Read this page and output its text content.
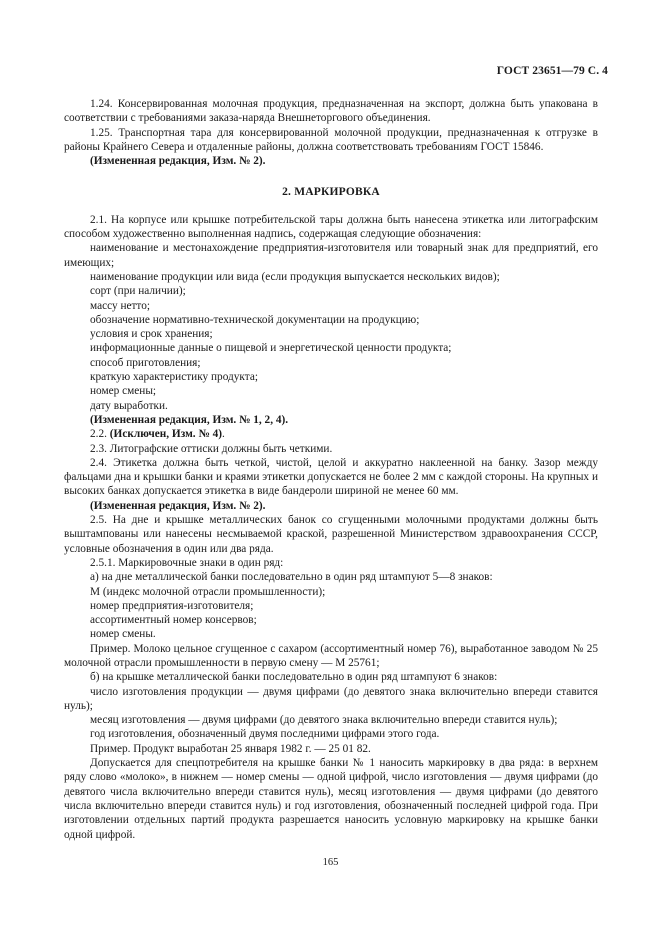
ГОСТ 23651—79 С. 4

1.24. Консервированная молочная продукция, предназначенная на экспорт, должна быть упакована в соответствии с требованиями заказа-наряда Внешнеторгового объединения.

1.25. Транспортная тара для консервированной молочной продукции, предназначенная к отгрузке в районы Крайнего Севера и отдаленные районы, должна соответствовать требованиям ГОСТ 15846.

(Измененная редакция, Изм. № 2).

2. МАРКИРОВКА

2.1. На корпусе или крышке потребительской тары должна быть нанесена этикетка или литографским способом художественно выполненная надпись, содержащая следующие обозначения:

наименование и местонахождение предприятия-изготовителя или товарный знак для предприятий, его имеющих;

наименование продукции или вида (если продукция выпускается нескольких видов);

сорт (при наличии);

массу нетто;

обозначение нормативно-технической документации на продукцию;

условия и срок хранения;

информационные данные о пищевой и энергетической ценности продукта;

способ приготовления;

краткую характеристику продукта;

номер смены;

дату выработки.

(Измененная редакция, Изм. № 1, 2, 4).

2.2. (Исключен, Изм. № 4).

2.3. Литографские оттиски должны быть четкими.

2.4. Этикетка должна быть четкой, чистой, целой и аккуратно наклеенной на банку. Зазор между фальцами дна и крышки банки и краями этикетки допускается не более 2 мм с каждой стороны. На крупных и высоких банках допускается этикетка в виде бандероли шириной не менее 60 мм.

(Измененная редакция, Изм. № 2).

2.5. На дне и крышке металлических банок со сгущенными молочными продуктами должны быть выштампованы или нанесены несмываемой краской, разрешенной Министерством здравоохранения СССР, условные обозначения в один или два ряда.

2.5.1. Маркировочные знаки в один ряд:

а) на дне металлической банки последовательно в один ряд штампуют 5—8 знаков:

М (индекс молочной отрасли промышленности);

номер предприятия-изготовителя;

ассортиментный номер консервов;

номер смены.

Пример. Молоко цельное сгущенное с сахаром (ассортиментный номер 76), выработанное заводом № 25 молочной отрасли промышленности в первую смену — М 25761;

б) на крышке металлической банки последовательно в один ряд штампуют 6 знаков:

число изготовления продукции — двумя цифрами (до девятого знака включительно впереди ставится нуль);

месяц изготовления — двумя цифрами (до девятого знака включительно впереди ставится нуль);

год изготовления, обозначенный двумя последними цифрами этого года.

Пример. Продукт выработан 25 января 1982 г. — 25 01 82.

Допускается для спецпотребителя на крышке банки № 1 наносить маркировку в два ряда: в верхнем ряду слово «молоко», в нижнем — номер смены — одной цифрой, число изготовления — двумя цифрами (до девятого числа включительно впереди ставится нуль), месяц изготовления — двумя цифрами (до девятого числа включительно впереди ставится нуль) и год изготовления, обозначенный последней цифрой года. При изготовлении отдельных партий продукта разрешается наносить условную маркировку на крышке банки одной цифрой.

165
